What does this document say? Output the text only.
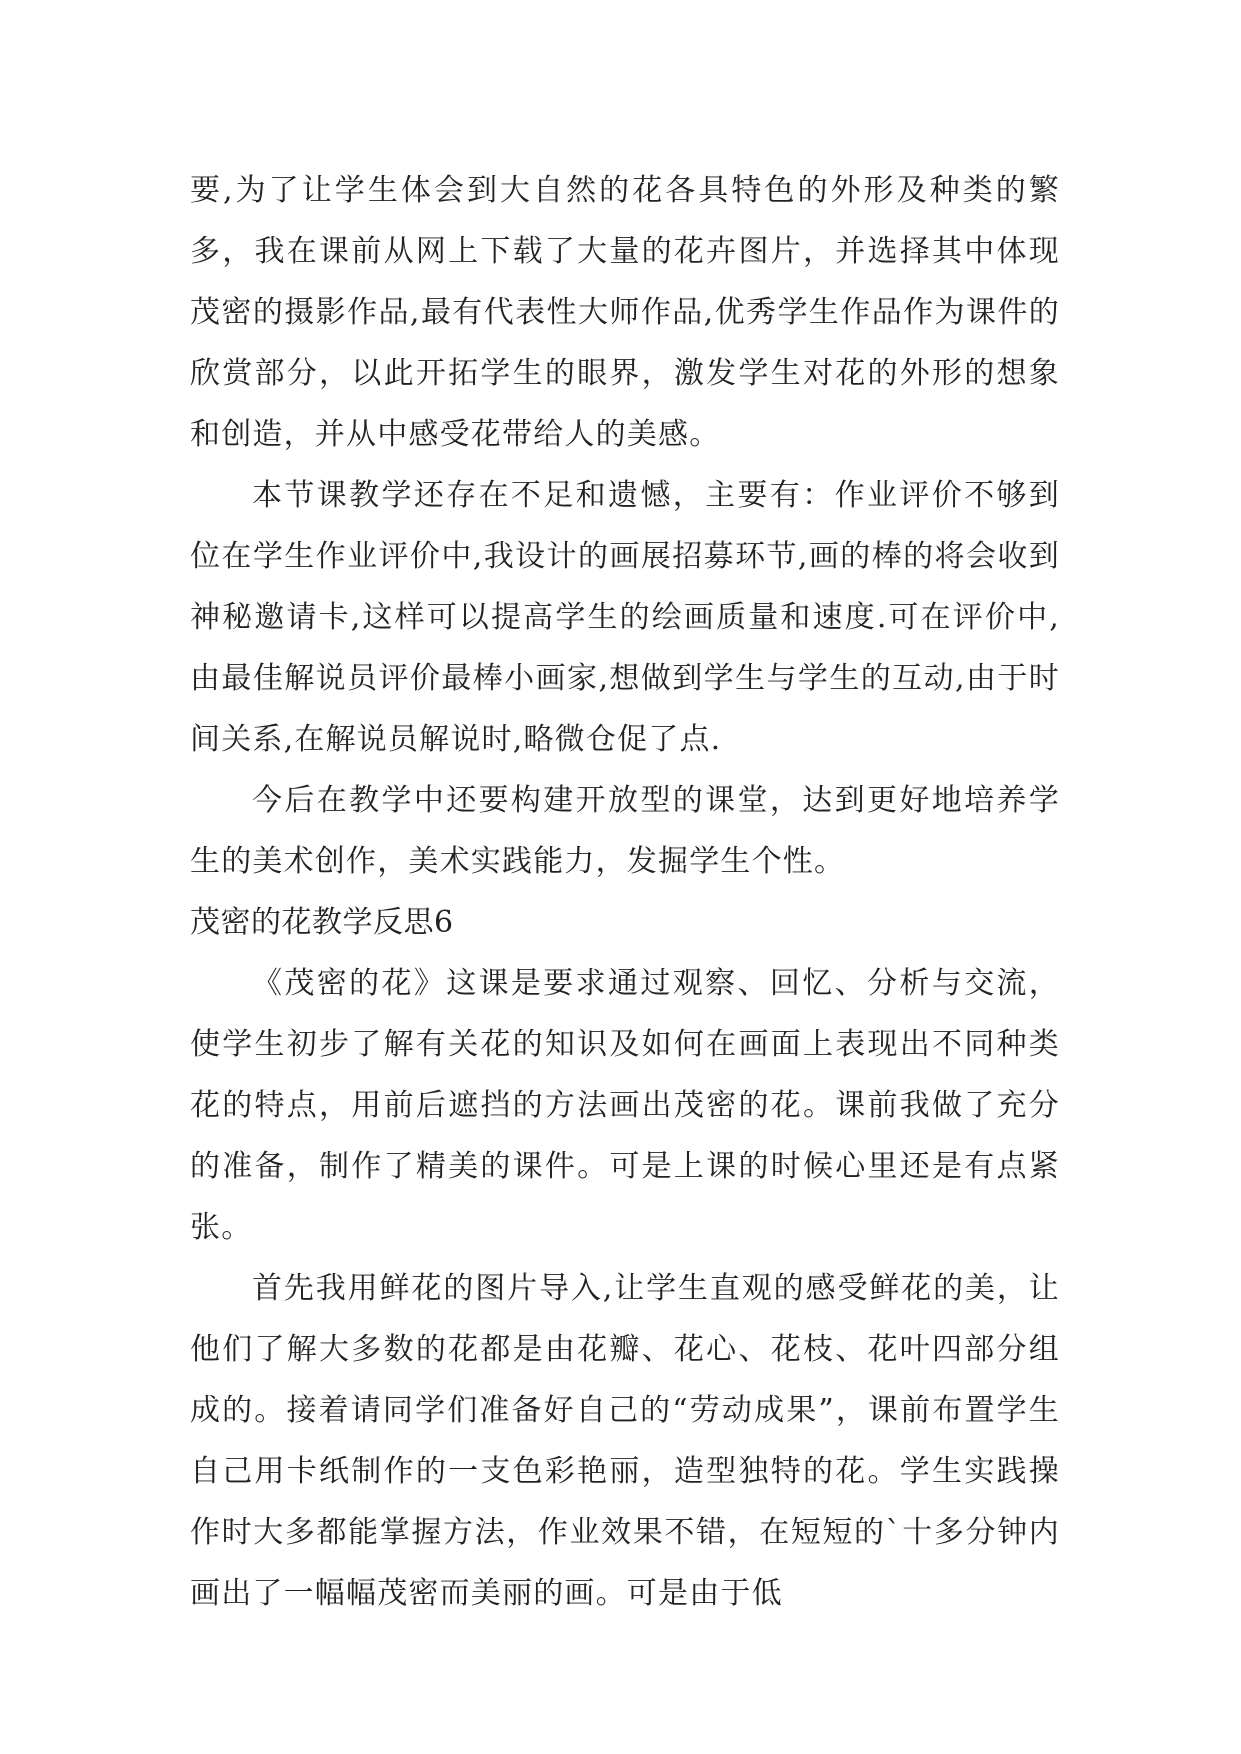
要,为了让学生体会到大自然的花各具特色的外形及种类的繁多，我在课前从网上下载了大量的花卉图片，并选择其中体现茂密的摄影作品,最有代表性大师作品,优秀学生作品作为课件的欣赏部分，以此开拓学生的眼界，激发学生对花的外形的想象和创造，并从中感受花带给人的美感。

本节课教学还存在不足和遗憾，主要有：作业评价不够到位在学生作业评价中,我设计的画展招募环节,画的棒的将会收到神秘邀请卡,这样可以提高学生的绘画质量和速度.可在评价中,由最佳解说员评价最棒小画家,想做到学生与学生的互动,由于时间关系,在解说员解说时,略微仓促了点.

今后在教学中还要构建开放型的课堂，达到更好地培养学生的美术创作，美术实践能力，发掘学生个性。

茂密的花教学反思6

《茂密的花》这课是要求通过观察、回忆、分析与交流，使学生初步了解有关花的知识及如何在画面上表现出不同种类花的特点，用前后遮挡的方法画出茂密的花。课前我做了充分的准备，制作了精美的课件。可是上课的时候心里还是有点紧张。

首先我用鲜花的图片导入,让学生直观的感受鲜花的美，让他们了解大多数的花都是由花瓣、花心、花枝、花叶四部分组成的。接着请同学们准备好自己的“劳动成果”，课前布置学生自己用卡纸制作的一支色彩艳丽，造型独特的花。学生实践操作时大多都能掌握方法，作业效果不错，在短短的`十多分钟内画出了一幅幅茂密而美丽的画。可是由于低
